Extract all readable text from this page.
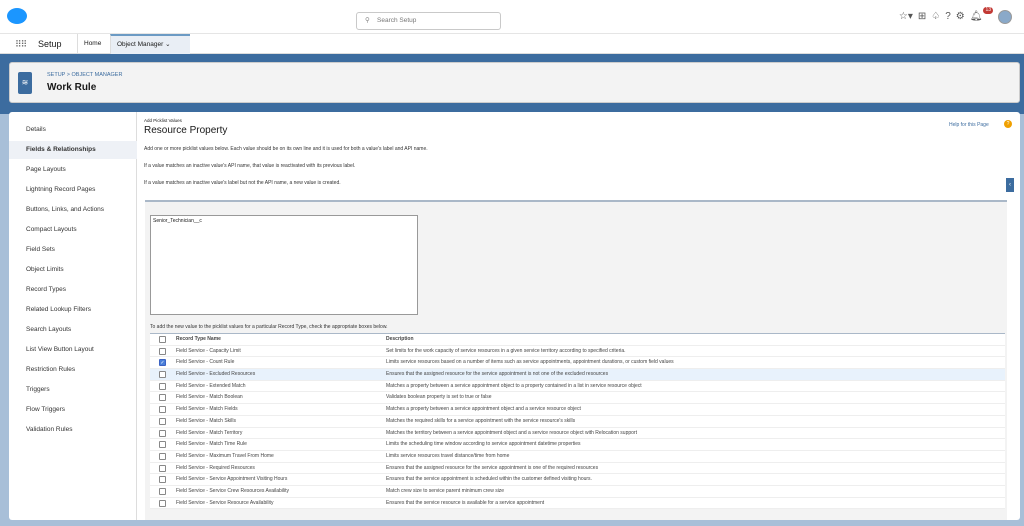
⚲ Search Setup	☆▾ ⊞ ♤ ? ⚙ 🔔︎
13
⠿⠿ Setup	Home	Object Manager ⌄
≋
SETUP > OBJECT MANAGER
Work Rule
Details
Fields & Relationships
Page Layouts
Lightning Record Pages
Buttons, Links, and Actions
Compact Layouts
Field Sets
Object Limits
Record Types
Related Lookup Filters
Search Layouts
List View Button Layout
Restriction Rules
Triggers
Flow Triggers
Validation Rules
Add Picklist Values
Resource Property	Help for this Page	?
Add one or more picklist values below. Each value should be on its own line and it is used for both a value's label and API name.
If a value matches an inactive value's API name, that value is reactivated with its previous label.
If a value matches an inactive value's label but not the API name, a new value is created.	‹
Senior_Technician__c
To add the new value to the picklist values for a particular Record Type, check the appropriate boxes below.
Record Type Name	Description
Field Service - Capacity Limit	Set limits for the work capacity of service resources in a given service territory according to specified criteria.
✓ Field Service - Count Rule	Limits service resources based on a number of items such as service appointments, appointment durations, or custom field values
Field Service - Excluded Resources	Ensures that the assigned resource for the service appointment is not one of the excluded resources
Field Service - Extended Match	Matches a property between a service appointment object to a property contained in a list in service resource object
Field Service - Match Boolean	Validates boolean property is set to true or false
Field Service - Match Fields	Matches a property between a service appointment object and a service resource object
Field Service - Match Skills	Matches the required skills for a service appointment with the service resource's skills
Field Service - Match Territory	Matches the territory between a service appointment object and a service resource object with Relocation support
Field Service - Match Time Rule	Limits the scheduling time window according to service appointment datetime properties
Field Service - Maximum Travel From Home	Limits service resources travel distance/time from home
Field Service - Required Resources	Ensures that the assigned resource for the service appointment is one of the required resources
Field Service - Service Appointment Visiting Hours	Ensures that the service appointment is scheduled within the customer defined visiting hours.
Field Service - Service Crew Resources Availability	Match crew size to service parent minimum crew size
Field Service - Service Resource Availability	Ensures that the service resource is available for a service appointment
